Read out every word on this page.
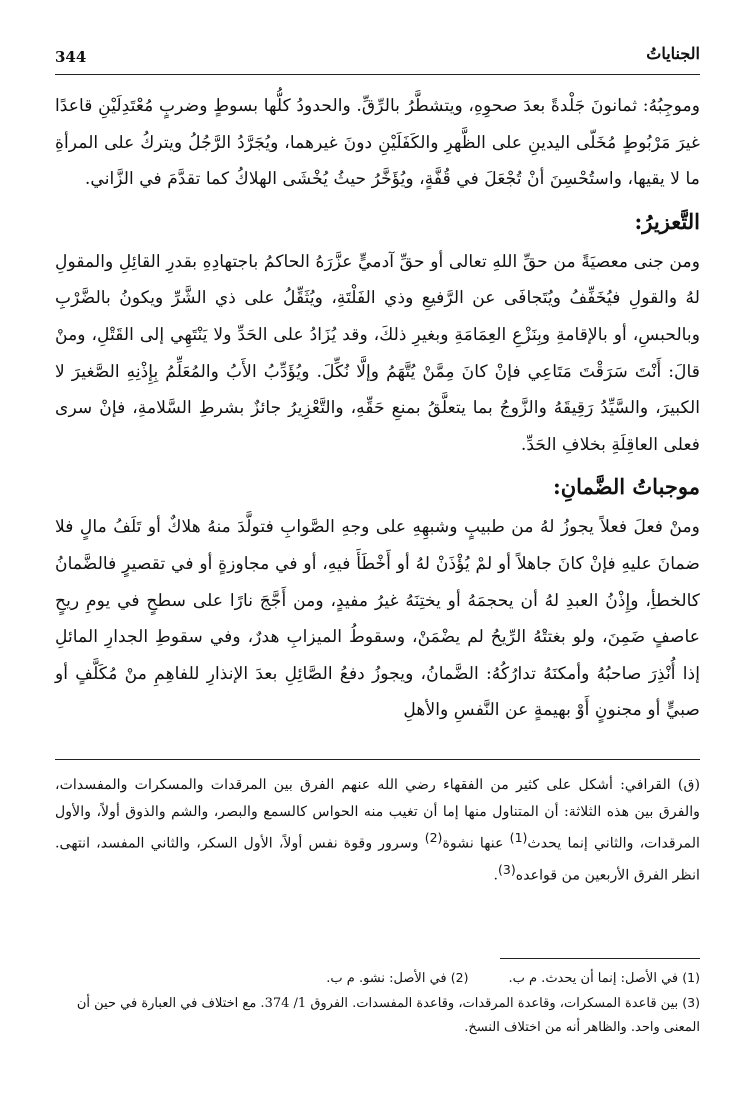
344	الجناياتُ

وموجِبُهُ: ثمانونَ جَلْدةً بعدَ صحوِهِ، ويتشطَّرُ بالرِّقِّ. والحدودُ كلُّها بسوطٍ وضربٍ مُعْتَدِلَيْنِ قاعدًا غيرَ مَرْبُوطٍ مُخَلّى اليدينِ على الظَّهرِ والكَفَلَيْنِ دونَ غيرهما، ويُجَرَّدُ الرَّجُلُ ويتركُ على المرأةِ ما لا يقيها، واستُحْسِنَ أنْ تُجْعَلَ في قُفَّةٍ، ويُؤَخَّرُ حيثُ يُخْشَى الهلاكُ كما تقدَّمَ في الزَّاني.

التَّعزيرُ:

ومن جنى معصيَةً من حقِّ اللهِ تعالى أو حقِّ آدميٍّ عزَّرَهُ الحاكمُ باجتهادِهِ بقدرِ القائِلِ والمقولِ لهُ والقولِ فيُخَفِّفُ ويُتَجافَى عن الرَّفيعِ وذي الفَلْتَةِ، ويُثَقِّلُ على ذي الشَّرِّ ويكونُ بالضَّرْبِ وبالحبسِ، أو بالإقامةِ وبِنَزْعِ العِمَامَةِ وبغيرِ ذلكَ، وقد يُزَادُ على الحَدِّ ولا يَنْتَهِي إلى القَتْلِ، ومنْ قالَ: أَنْتَ سَرَقْتَ مَتَاعِي فإنْ كانَ مِمَّنْ يُتَّهَمُ وإلَّا نُكِّلَ. ويُؤَدِّبُ الأَبُ والمُعَلِّمُ بِإِذْنِهِ الصَّغيرَ لا الكبيرَ، والسَّيِّدُ رَقِيقَهُ والزَّوجُ بما يتعلَّقُ بمنعِ حَقِّهِ، والتَّعْزِيرُ جائزٌ بشرطِ السَّلامةِ، فإنْ سرى فعلى العاقِلَةِ بخلافِ الحَدِّ.

موجباتُ الضَّمانِ:

ومنْ فعلَ فعلاً يجوزُ لهُ من طبيبٍ وشبهِهِ على وجهِ الصَّوابِ فتولَّدَ منهُ هلاكٌ أو تَلَفُ مالٍ فلا ضمانَ عليهِ فإنْ كانَ جاهلاً أو لمْ يُؤْذَنْ لهُ أو أَخْطَأَ فيهِ، أو في مجاوزةٍ أو في تقصيرٍ فالضَّمانُ كالخطأِ، وإِذْنُ العبدِ لهُ أن يحجمَهُ أو يختِنَهُ غيرُ مفيدٍ، ومن أَجَّجَ نارًا على سطحٍ في يومِ ريحٍ عاصفٍ ضَمِنَ، ولو بغتتْهُ الرِّيحُ لم يضْمَنْ، وسقوطُ الميزابِ هدرٌ، وفي سقوطِ الجدارِ المائلِ إذا أُنْذِرَ صاحبُهُ وأمكنَهُ تدارُكُهُ: الضَّمانُ، ويجوزُ دفعُ الصَّائِلِ بعدَ الإنذارِ للفاهِمِ منْ مُكَلَّفٍ أو صبيٍّ أو مجنونٍ أَوْ بهيمةٍ عن النَّفسِ والأهلِ

(ق) القرافي: أشكل على كثير من الفقهاء رضي الله عنهم الفرق بين المرقدات والمسكرات والمفسدات، والفرق بين هذه الثلاثة: أن المتناول منها إما أن تغيب منه الحواس كالسمع والبصر، والشم والذوق أولاً، والأول المرقدات، والثاني إنما يحدث$^{(1)}$ عنها نشوة$^{(2)}$ وسرور وقوة نفس أولاً، الأول السكر، والثاني المفسد، انتهى. انظر الفرق الأربعين من قواعده$^{(3)}$.

(1) في الأصل: إنما أن يحدث. م ب.
(2) في الأصل: نشو. م ب.

(3) بين قاعدة المسكرات، وقاعدة المرقدات، وقاعدة المفسدات. الفروق 1/ 374. مع اختلاف في العبارة في حين أن المعنى واحد. والظاهر أنه من اختلاف النسخ.
